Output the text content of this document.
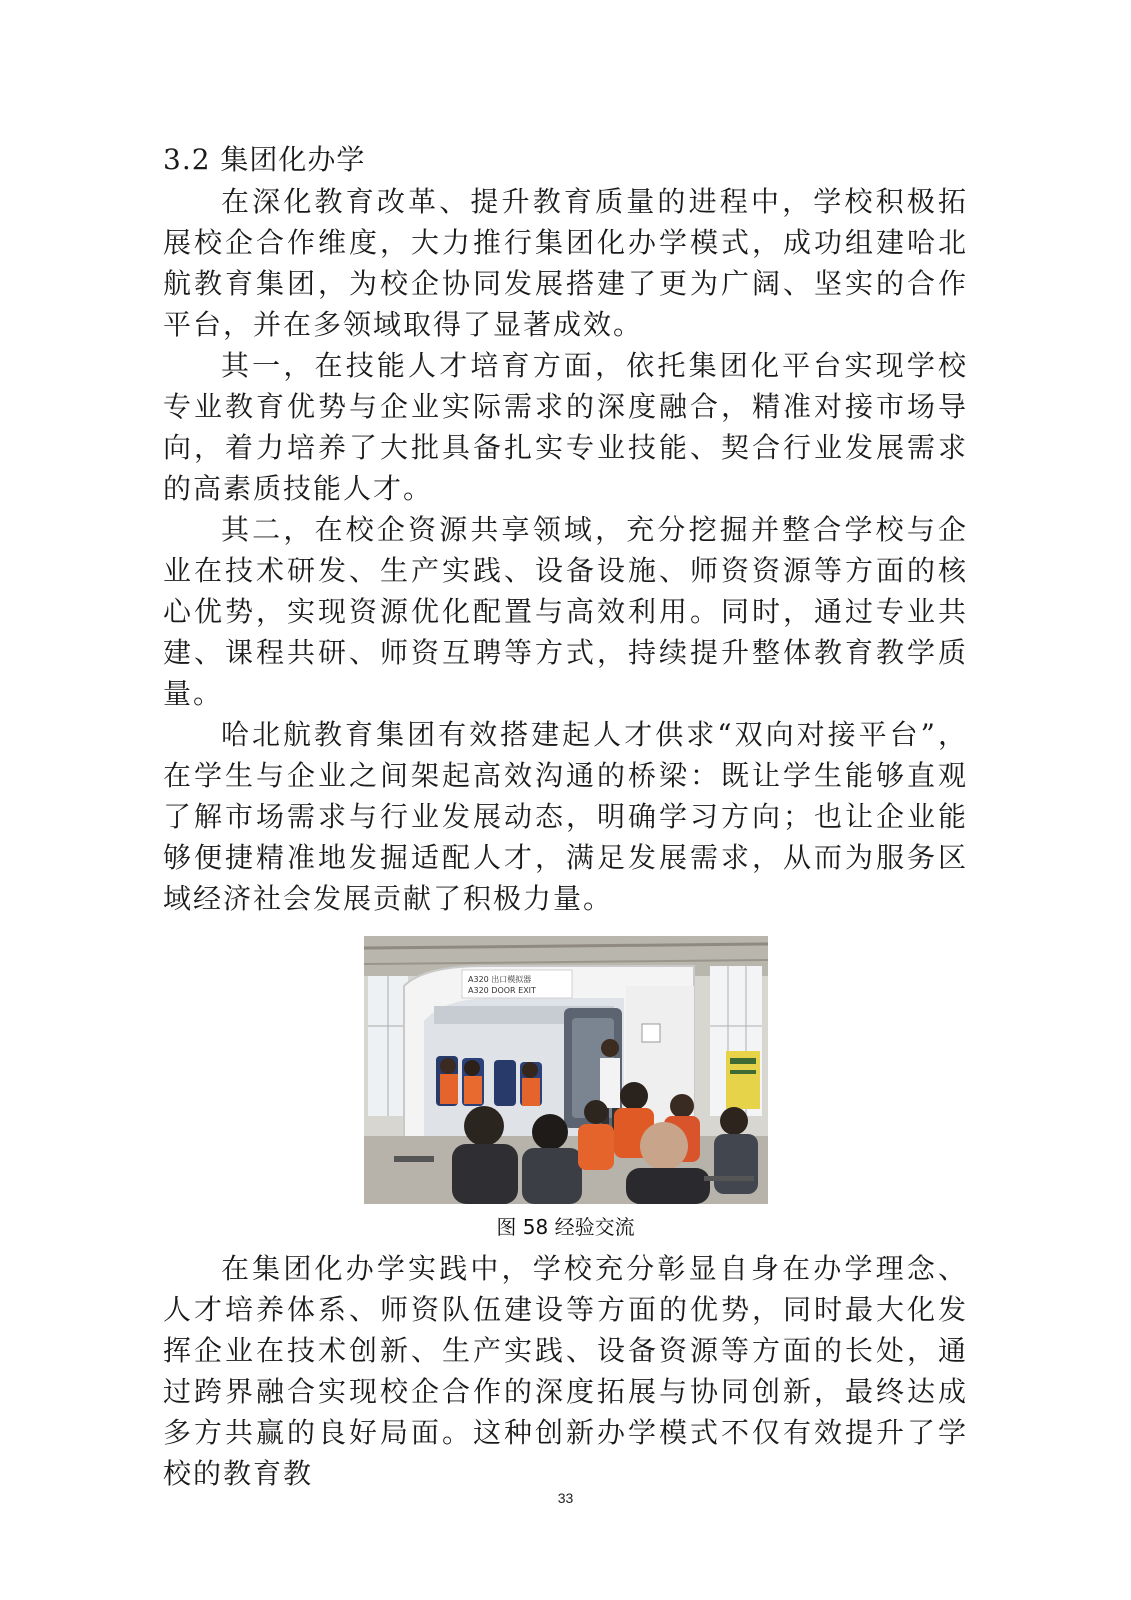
3.2 集团化办学

在深化教育改革、提升教育质量的进程中，学校积极拓展校企合作维度，大力推行集团化办学模式，成功组建哈北航教育集团，为校企协同发展搭建了更为广阔、坚实的合作平台，并在多领域取得了显著成效。

其一，在技能人才培育方面，依托集团化平台实现学校专业教育优势与企业实际需求的深度融合，精准对接市场导向，着力培养了大批具备扎实专业技能、契合行业发展需求的高素质技能人才。

其二，在校企资源共享领域，充分挖掘并整合学校与企业在技术研发、生产实践、设备设施、师资资源等方面的核心优势，实现资源优化配置与高效利用。同时，通过专业共建、课程共研、师资互聘等方式，持续提升整体教育教学质量。

哈北航教育集团有效搭建起人才供求“双向对接平台”，在学生与企业之间架起高效沟通的桥梁：既让学生能够直观了解市场需求与行业发展动态，明确学习方向；也让企业能够便捷精准地发掘适配人才，满足发展需求，从而为服务区域经济社会发展贡献了积极力量。

A320 出口模拟器
A320 DOOR EXIT
图 58 经验交流

在集团化办学实践中，学校充分彰显自身在办学理念、人才培养体系、师资队伍建设等方面的优势，同时最大化发挥企业在技术创新、生产实践、设备资源等方面的长处，通过跨界融合实现校企合作的深度拓展与协同创新，最终达成多方共赢的良好局面。这种创新办学模式不仅有效提升了学校的教育教

33
